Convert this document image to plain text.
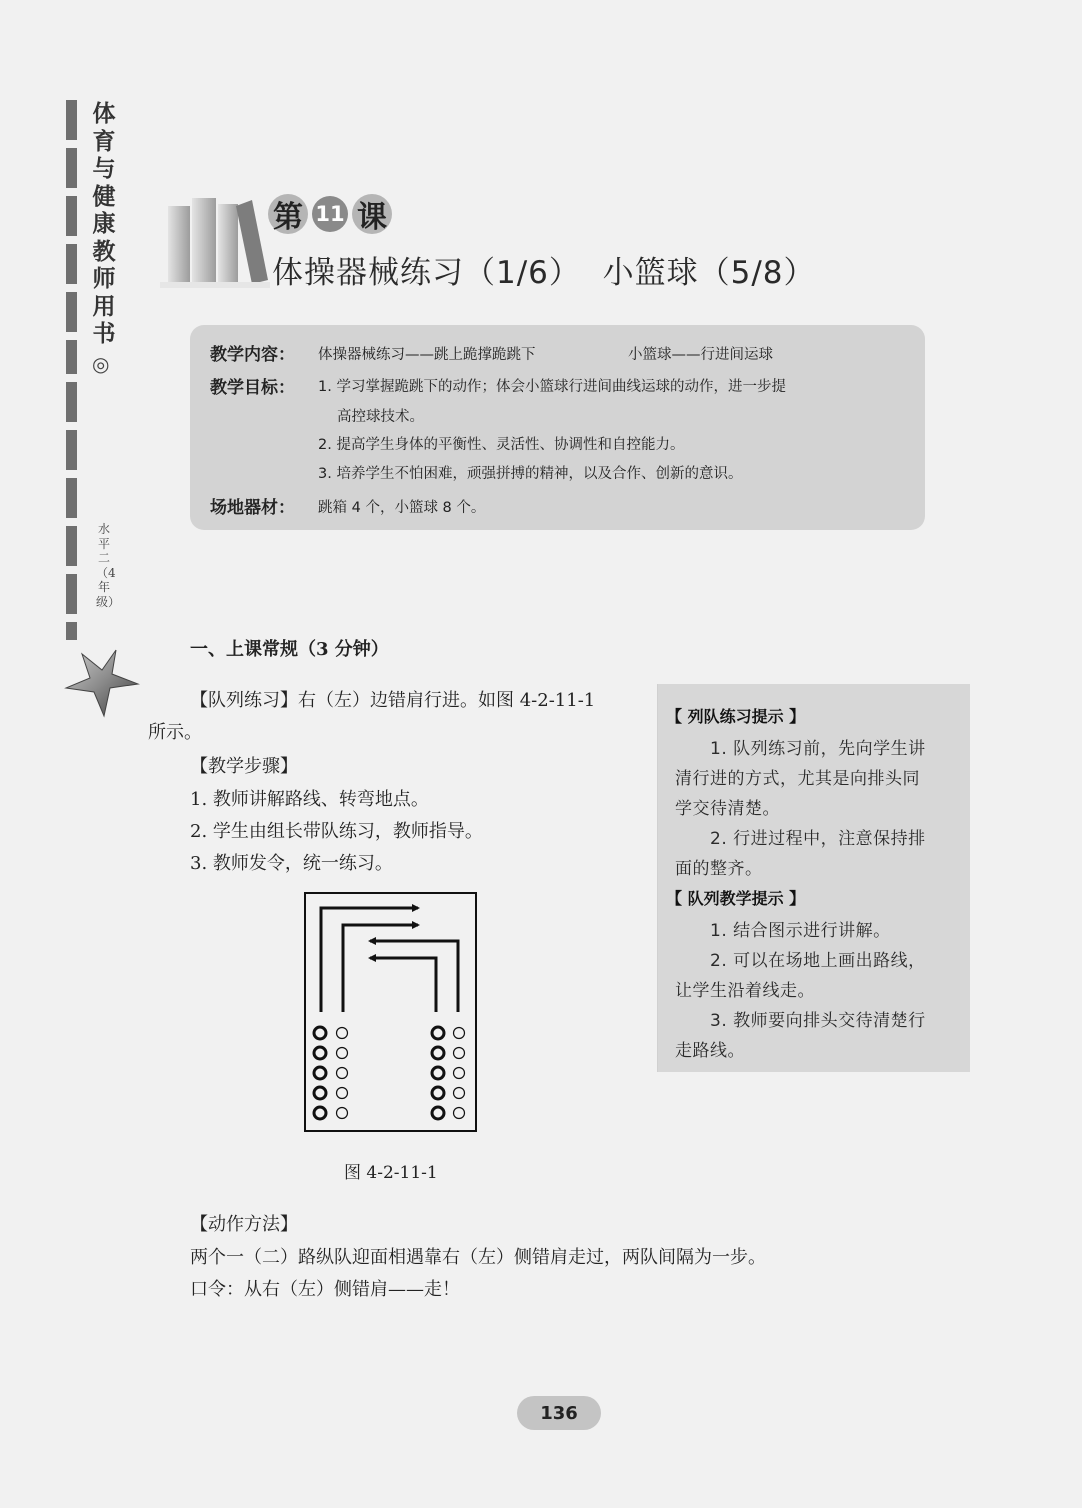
体育与健康教师用书
◎
水平二（4年级）
第 11 课
体操器械练习（1/6）  小篮球（5/8）
教学内容： 体操器械练习——跳上跪撑跪跳下	小篮球——行进间运球
教学目标： 1. 学习掌握跪跳下的动作；体会小篮球行进间曲线运球的动作，进一步提
高控球技术。
2. 提高学生身体的平衡性、灵活性、协调性和自控能力。
3. 培养学生不怕困难，顽强拼搏的精神，以及合作、创新的意识。
场地器材： 跳箱 4 个，小篮球 8 个。
一、上课常规（3 分钟）
【队列练习】右（左）边错肩行进。如图 4-2-11-1
所示。
【教学步骤】
1. 教师讲解路线、转弯地点。
2. 学生由组长带队练习，教师指导。
3. 教师发令，统一练习。
图 4-2-11-1
【动作方法】
两个一（二）路纵队迎面相遇靠右（左）侧错肩走过，两队间隔为一步。
口令：从右（左）侧错肩——走！
【 列队练习提示 】
1. 队列练习前，先向学生讲
清行进的方式，尤其是向排头同
学交待清楚。
2. 行进过程中，注意保持排
面的整齐。
【 队列教学提示 】
1. 结合图示进行讲解。
2. 可以在场地上画出路线，
让学生沿着线走。
3. 教师要向排头交待清楚行
走路线。
136
